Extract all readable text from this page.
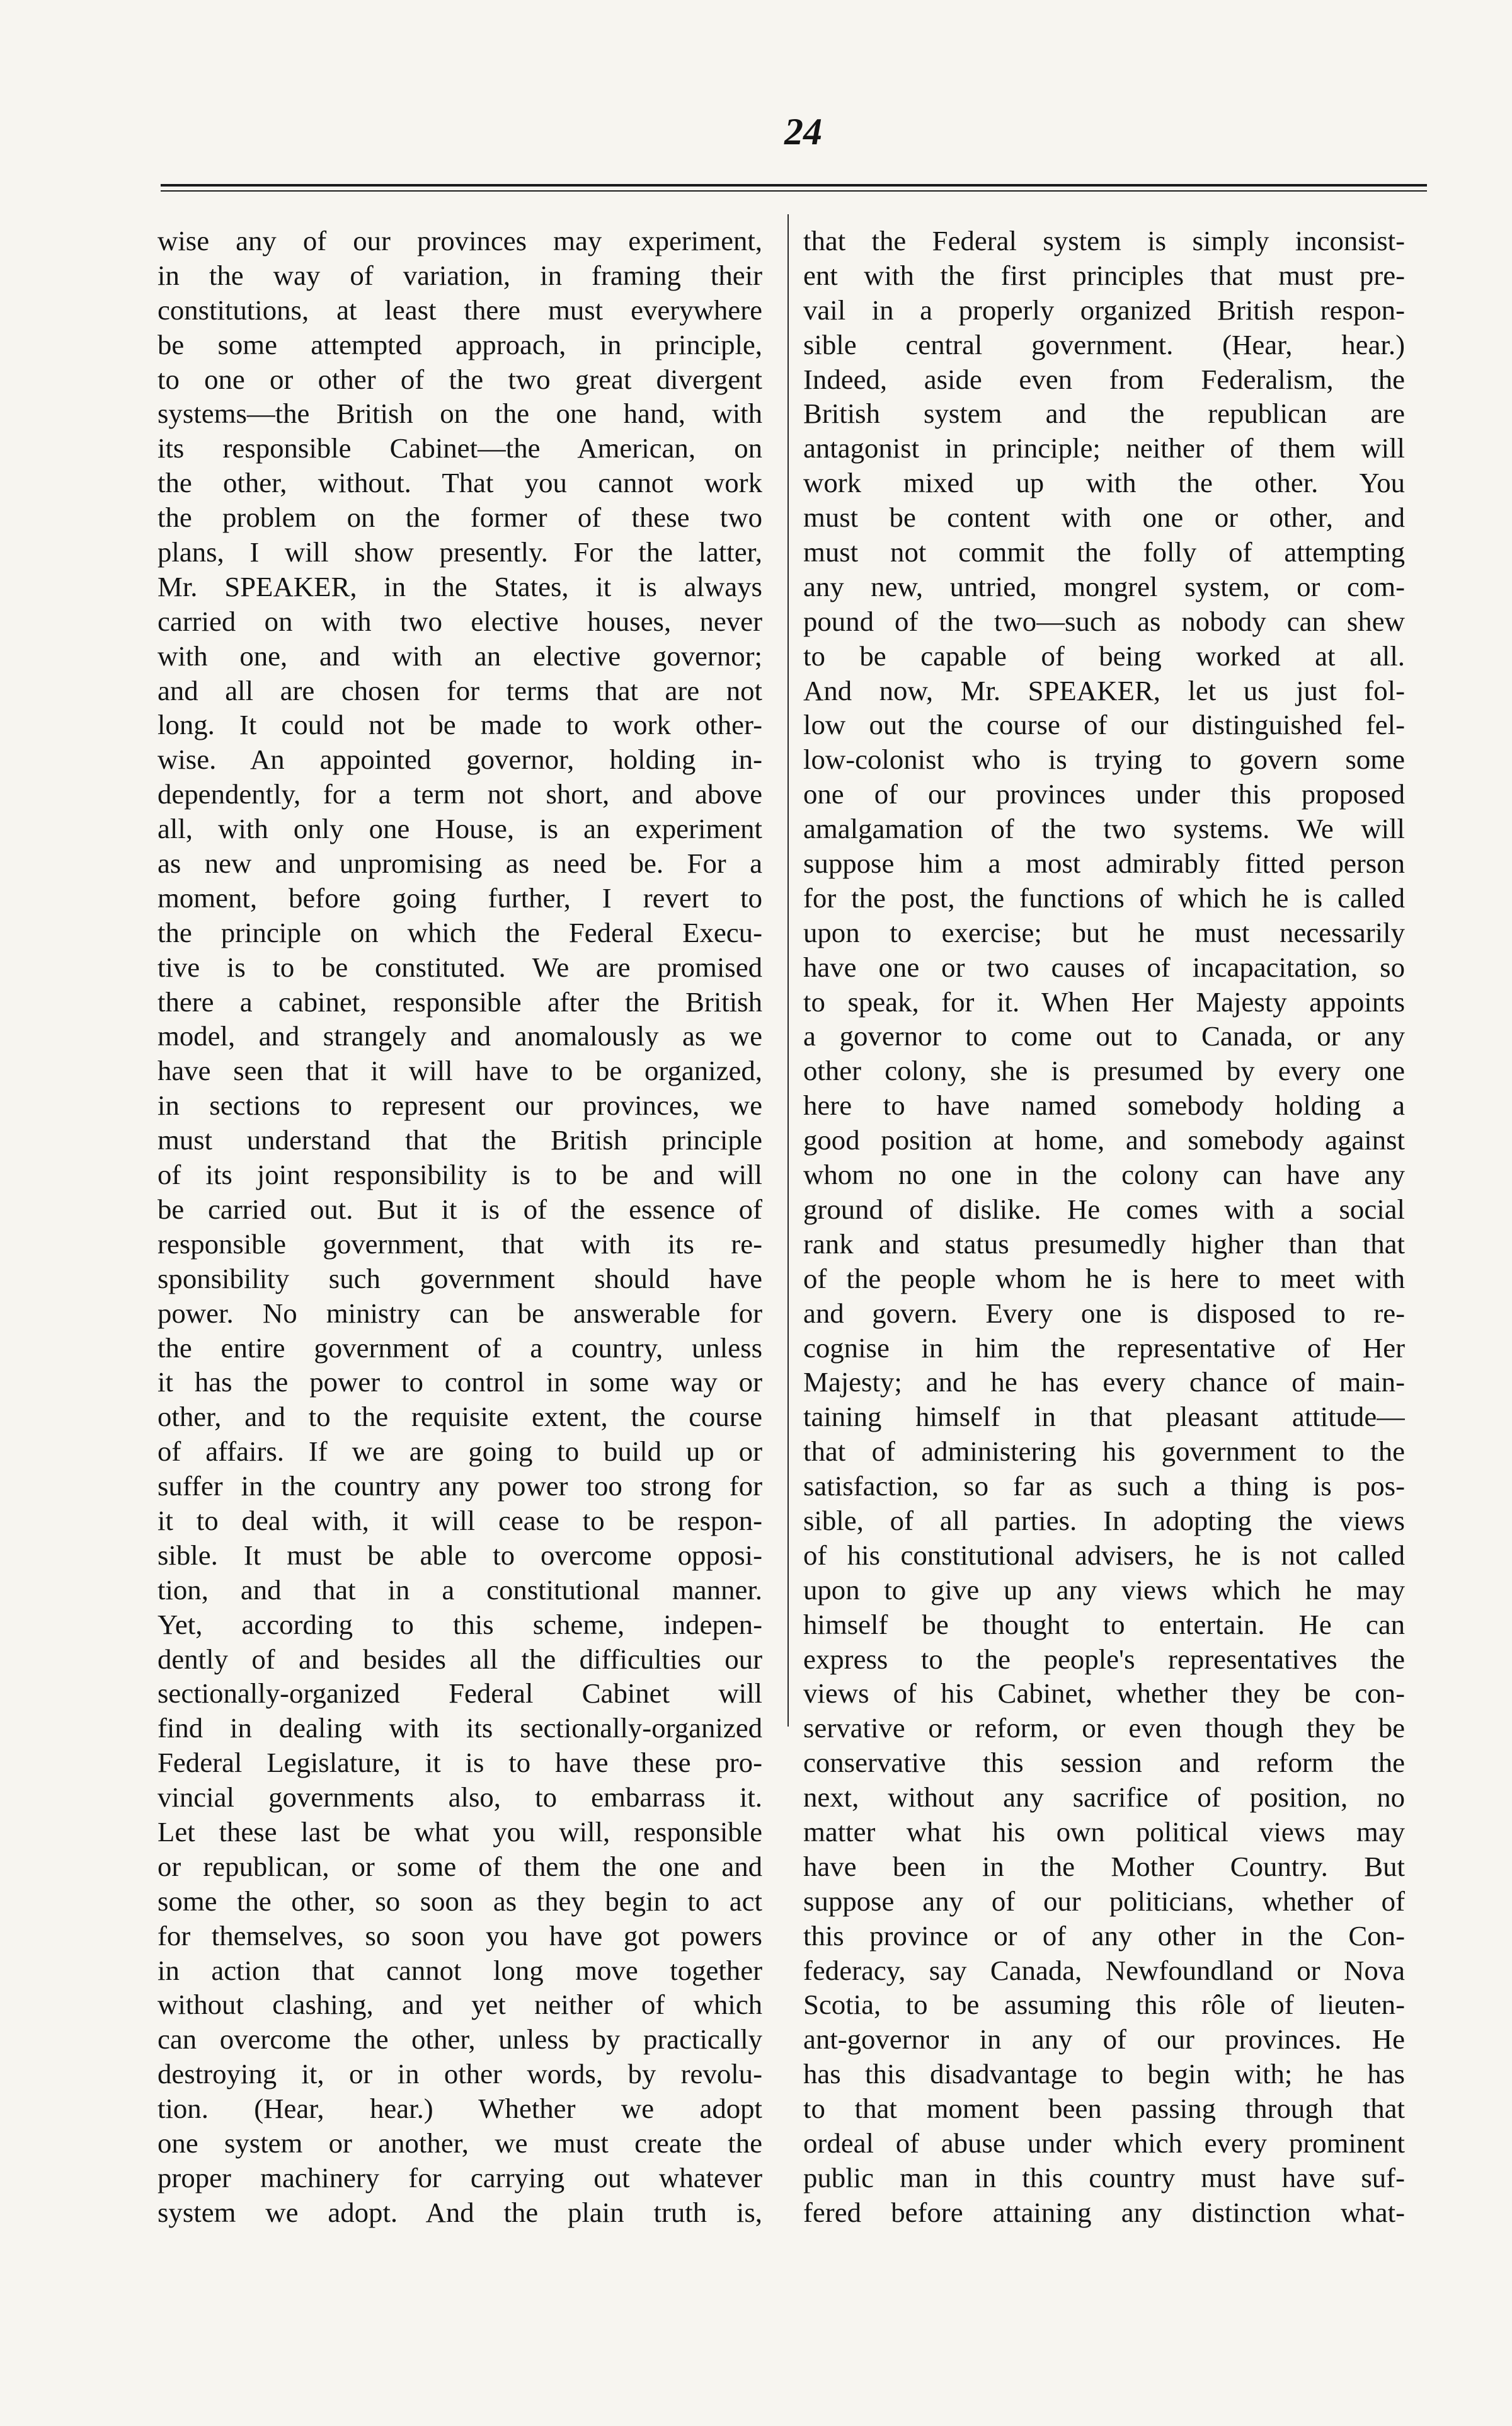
24
wise any of our provinces may experiment,
in the way of variation, in framing their
constitutions, at least there must everywhere
be some attempted approach, in principle,
to one or other of the two great divergent
systems—the British on the one hand, with
its responsible Cabinet—the American, on
the other, without. That you cannot work
the problem on the former of these two
plans, I will show presently. For the latter,
Mr. SPEAKER, in the States, it is always
carried on with two elective houses, never
with one, and with an elective governor;
and all are chosen for terms that are not
long. It could not be made to work other-
wise. An appointed governor, holding in-
dependently, for a term not short, and above
all, with only one House, is an experiment
as new and unpromising as need be. For a
moment, before going further, I revert to
the principle on which the Federal Execu-
tive is to be constituted. We are promised
there a cabinet, responsible after the British
model, and strangely and anomalously as we
have seen that it will have to be organized,
in sections to represent our provinces, we
must understand that the British principle
of its joint responsibility is to be and will
be carried out. But it is of the essence of
responsible government, that with its re-
sponsibility such government should have
power. No ministry can be answerable for
the entire government of a country, unless
it has the power to control in some way or
other, and to the requisite extent, the course
of affairs. If we are going to build up or
suffer in the country any power too strong for
it to deal with, it will cease to be respon-
sible. It must be able to overcome opposi-
tion, and that in a constitutional manner.
Yet, according to this scheme, indepen-
dently of and besides all the difficulties our
sectionally-organized Federal Cabinet will
find in dealing with its sectionally-organized
Federal Legislature, it is to have these pro-
vincial governments also, to embarrass it.
Let these last be what you will, responsible
or republican, or some of them the one and
some the other, so soon as they begin to act
for themselves, so soon you have got powers
in action that cannot long move together
without clashing, and yet neither of which
can overcome the other, unless by practically
destroying it, or in other words, by revolu-
tion. (Hear, hear.) Whether we adopt
one system or another, we must create the
proper machinery for carrying out whatever
system we adopt. And the plain truth is,
that the Federal system is simply inconsist-
ent with the first principles that must pre-
vail in a properly organized British respon-
sible central government. (Hear, hear.)
Indeed, aside even from Federalism, the
British system and the republican are
antagonist in principle; neither of them will
work mixed up with the other. You
must be content with one or other, and
must not commit the folly of attempting
any new, untried, mongrel system, or com-
pound of the two—such as nobody can shew
to be capable of being worked at all.
And now, Mr. SPEAKER, let us just fol-
low out the course of our distinguished fel-
low-colonist who is trying to govern some
one of our provinces under this proposed
amalgamation of the two systems. We will
suppose him a most admirably fitted person
for the post, the functions of which he is called
upon to exercise; but he must necessarily
have one or two causes of incapacitation, so
to speak, for it. When Her Majesty appoints
a governor to come out to Canada, or any
other colony, she is presumed by every one
here to have named somebody holding a
good position at home, and somebody against
whom no one in the colony can have any
ground of dislike. He comes with a social
rank and status presumedly higher than that
of the people whom he is here to meet with
and govern. Every one is disposed to re-
cognise in him the representative of Her
Majesty; and he has every chance of main-
taining himself in that pleasant attitude—
that of administering his government to the
satisfaction, so far as such a thing is pos-
sible, of all parties. In adopting the views
of his constitutional advisers, he is not called
upon to give up any views which he may
himself be thought to entertain. He can
express to the people's representatives the
views of his Cabinet, whether they be con-
servative or reform, or even though they be
conservative this session and reform the
next, without any sacrifice of position, no
matter what his own political views may
have been in the Mother Country. But
suppose any of our politicians, whether of
this province or of any other in the Con-
federacy, say Canada, Newfoundland or Nova
Scotia, to be assuming this rôle of lieuten-
ant-governor in any of our provinces. He
has this disadvantage to begin with; he has
to that moment been passing through that
ordeal of abuse under which every prominent
public man in this country must have suf-
fered before attaining any distinction what-
